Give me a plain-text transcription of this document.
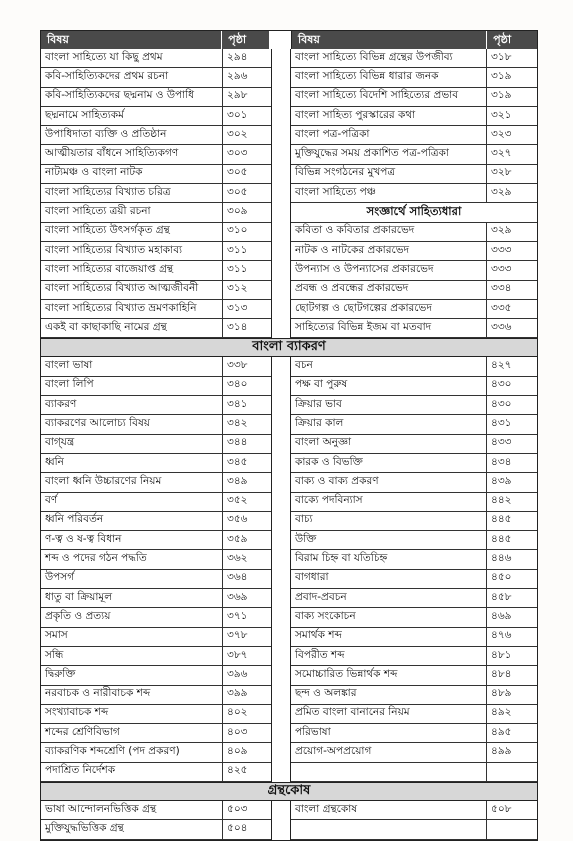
বিষয়	পৃষ্ঠা	বিষয়	পৃষ্ঠা
বাংলা সাহিত্যে যা কিছু প্রথম	২৯৪
কবি-সাহিত্যিকদের প্রথম রচনা	২৯৬
কবি-সাহিত্যিকদের ছদ্মনাম ও উপাধি	২৯৮
ছদ্মনামে সাহিত্যকর্ম	৩০১
উপাধিদাতা ব্যক্তি ও প্রতিষ্ঠান	৩০২
আত্মীয়তার বাঁধনে সাহিত্যিকগণ	৩০৩
নাট্যমঞ্চ ও বাংলা নাটক	৩০৫
বাংলা সাহিত্যের বিখ্যাত চরিত্র	৩০৫
বাংলা সাহিত্যে ত্রয়ী রচনা	৩০৯
বাংলা সাহিত্যে উৎসর্গকৃত গ্রন্থ	৩১০
বাংলা সাহিত্যের বিখ্যাত মহাকাব্য	৩১১
বাংলা সাহিত্যের বাজেয়াপ্ত গ্রন্থ	৩১১
বাংলা সাহিত্যের বিখ্যাত আত্মজীবনী	৩১২
বাংলা সাহিত্যের বিখ্যাত ভ্রমণকাহিনি	৩১৩
একই বা কাছাকাছি নামের গ্রন্থ	৩১৪
বাংলা সাহিত্যে বিভিন্ন গ্রন্থের উপজীব্য	৩১৮
বাংলা সাহিত্যে বিভিন্ন ধারার জনক	৩১৯
বাংলা সাহিত্যে বিদেশি সাহিত্যের প্রভাব	৩১৯
বাংলা সাহিত্য পুরস্কারের কথা	৩২১
বাংলা পত্র-পত্রিকা	৩২৩
মুক্তিযুদ্ধের সময় প্রকাশিত পত্র-পত্রিকা	৩২৭
বিভিন্ন সংগঠনের মুখপত্র	৩২৮
বাংলা সাহিত্যে পঞ্চ	৩২৯
সংজ্ঞার্থে সাহিত্যধারা
কবিতা ও কবিতার প্রকারভেদ	৩২৯
নাটক ও নাটকের প্রকারভেদ	৩৩৩
উপন্যাস ও উপন্যাসের প্রকারভেদ	৩৩৩
প্রবন্ধ ও প্রবন্ধের প্রকারভেদ	৩৩৪
ছোটগল্প ও ছোটগল্পের প্রকারভেদ	৩৩৫
সাহিত্যের বিভিন্ন ইজম বা মতবাদ	৩৩৬
বাংলা ব্যাকরণ
বাংলা ভাষা	৩৩৮
বাংলা লিপি	৩৪০
ব্যাকরণ	৩৪১
ব্যাকরণের আলোচ্য বিষয়	৩৪২
বাগ্‌যন্ত্র	৩৪৪
ধ্বনি	৩৪৫
বাংলা ধ্বনি উচ্চারণের নিয়ম	৩৪৯
বর্ণ	৩৫২
ধ্বনি পরিবর্তন	৩৫৬
ণ-ত্ব ও ষ-ত্ব বিধান	৩৫৯
শব্দ ও পদের গঠন পদ্ধতি	৩৬২
উপসর্গ	৩৬৪
ধাতু বা ক্রিয়ামূল	৩৬৯
প্রকৃতি ও প্রত্যয়	৩৭১
সমাস	৩৭৮
সন্ধি	৩৮৭
দ্বিরুক্তি	৩৯৬
নরবাচক ও নারীবাচক শব্দ	৩৯৯
সংখ্যাবাচক শব্দ	৪০২
শব্দের শ্রেণিবিভাগ	৪০৩
ব্যাকরণিক শব্দশ্রেণি (পদ প্রকরণ)	৪০৯
পদাশ্রিত নির্দেশক	৪২৫
বচন	৪২৭
পক্ষ বা পুরুষ	৪৩০
ক্রিয়ার ভাব	৪৩০
ক্রিয়ার কাল	৪৩১
বাংলা অনুজ্ঞা	৪৩৩
কারক ও বিভক্তি	৪৩৪
বাক্য ও বাক্য প্রকরণ	৪৩৯
বাক্যে পদবিন্যাস	৪৪২
বাচ্য	৪৪৫
উক্তি	৪৪৫
বিরাম চিহ্ন বা যতিচিহ্ন	৪৪৬
বাগধারা	৪৫০
প্রবাদ-প্রবচন	৪৫৮
বাক্য সংকোচন	৪৬৯
সমার্থক শব্দ	৪৭৬
বিপরীত শব্দ	৪৮১
সমোচ্চারিত ভিন্নার্থক শব্দ	৪৮৪
ছন্দ ও অলঙ্কার	৪৮৯
প্রমিত বাংলা বানানের নিয়ম	৪৯২
পরিভাষা	৪৯৫
প্রয়োগ-অপপ্রয়োগ	৪৯৯
গ্রন্থকোষ
ভাষা আন্দোলনভিত্তিক গ্রন্থ	৫০৩
মুক্তিযুদ্ধভিত্তিক গ্রন্থ	৫০৪
বাংলা গ্রন্থকোষ	৫০৮
